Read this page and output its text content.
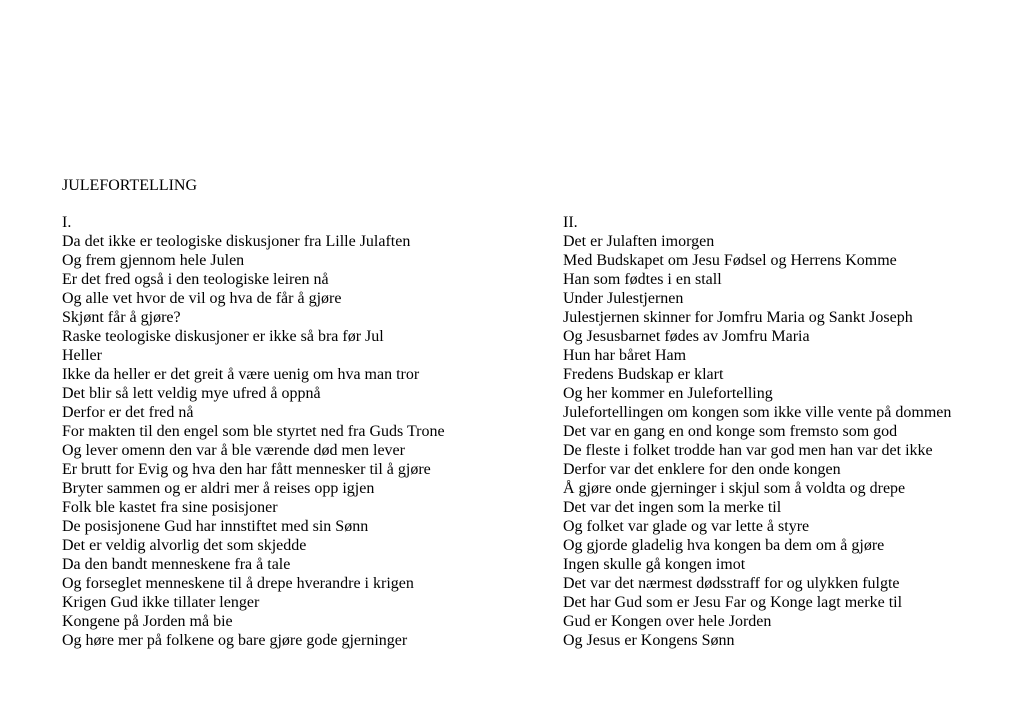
JULEFORTELLING

I.

Da det ikke er teologiske diskusjoner fra Lille Julaften

Og frem gjennom hele Julen

Er det fred også i den teologiske leiren nå

Og alle vet hvor de vil og hva de får å gjøre

Skjønt får å gjøre?

Raske teologiske diskusjoner er ikke så bra før Jul

Heller

Ikke da heller er det greit å være uenig om hva man tror

Det blir så lett veldig mye ufred å oppnå

Derfor er det fred nå

For makten til den engel som ble styrtet ned fra Guds Trone

Og lever omenn den var å ble værende død men lever

Er brutt for Evig og hva den har fått mennesker til å gjøre

Bryter sammen og er aldri mer å reises opp igjen

Folk ble kastet fra sine posisjoner

De posisjonene Gud har innstiftet med sin Sønn

Det er veldig alvorlig det som skjedde

Da den bandt menneskene fra å tale

Og forseglet menneskene til å drepe hverandre i krigen

Krigen Gud ikke tillater lenger

Kongene på Jorden må bie

Og høre mer på folkene og bare gjøre gode gjerninger

II.

Det er Julaften imorgen

Med Budskapet om Jesu Fødsel og Herrens Komme

Han som fødtes i en stall

Under Julestjernen

Julestjernen skinner for Jomfru Maria og Sankt Joseph

Og Jesusbarnet fødes av Jomfru Maria

Hun har båret Ham

Fredens Budskap er klart

Og her kommer en Julefortelling

Julefortellingen om kongen som ikke ville vente på dommen

Det var en gang en ond konge som fremsto som god

De fleste i folket trodde han var god men han var det ikke

Derfor var det enklere for den onde kongen

Å gjøre onde gjerninger i skjul som å voldta og drepe

Det var det ingen som la merke til

Og folket var glade og var lette å styre

Og gjorde gladelig hva kongen ba dem om å gjøre

Ingen skulle gå kongen imot

Det var det nærmest dødsstraff for og ulykken fulgte

Det har Gud som er Jesu Far og Konge lagt merke til

Gud er Kongen over hele Jorden

Og Jesus er Kongens Sønn
